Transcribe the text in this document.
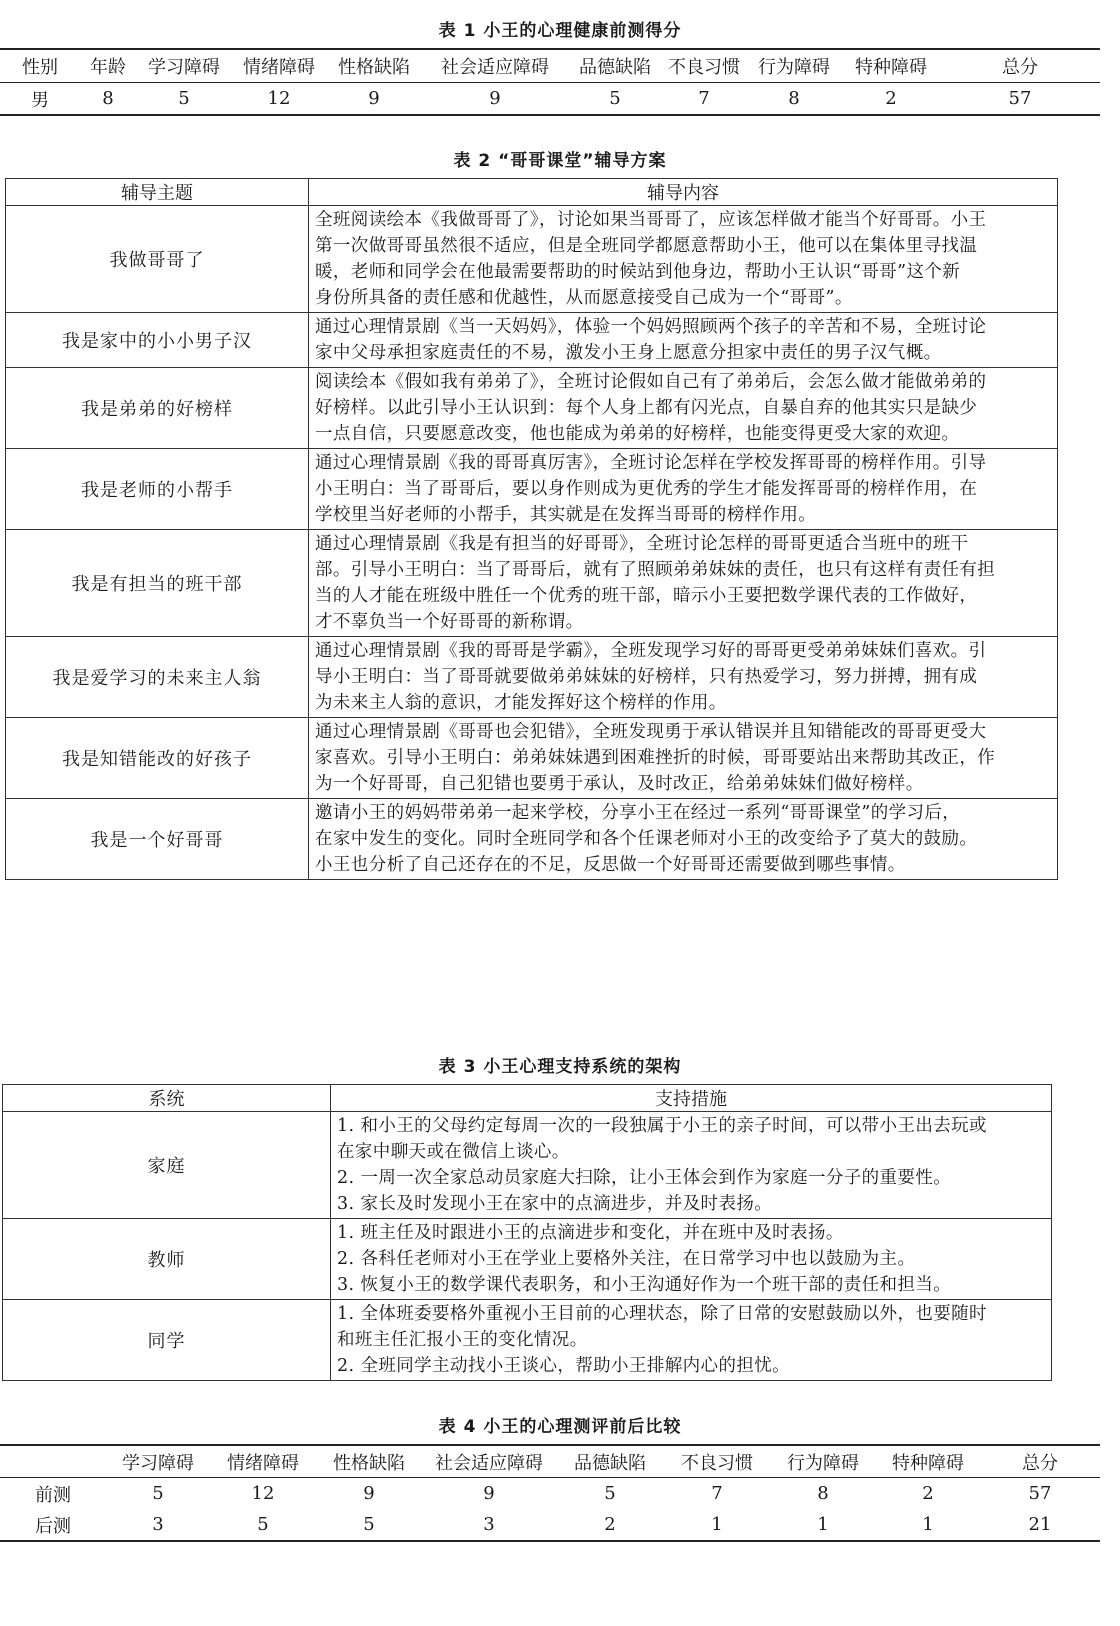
表 1 小王的心理健康前测得分
性别	年龄	学习障碍	情绪障碍	性格缺陷	社会适应障碍	品德缺陷	不良习惯	行为障碍	特种障碍	总分
男	8	5	12	9	9	5	7	8	2	57
表 2 “哥哥课堂”辅导方案
辅导主题	辅导内容
我做哥哥了	全班阅读绘本《我做哥哥了》，讨论如果当哥哥了，应该怎样做才能当个好哥哥。小王
第一次做哥哥虽然很不适应，但是全班同学都愿意帮助小王，他可以在集体里寻找温
暖，老师和同学会在他最需要帮助的时候站到他身边，帮助小王认识“哥哥”这个新
身份所具备的责任感和优越性，从而愿意接受自己成为一个“哥哥”。

我是家中的小小男子汉	通过心理情景剧《当一天妈妈》，体验一个妈妈照顾两个孩子的辛苦和不易，全班讨论
家中父母承担家庭责任的不易，激发小王身上愿意分担家中责任的男子汉气概。

我是弟弟的好榜样	阅读绘本《假如我有弟弟了》，全班讨论假如自己有了弟弟后，会怎么做才能做弟弟的
好榜样。以此引导小王认识到：每个人身上都有闪光点，自暴自弃的他其实只是缺少
一点自信，只要愿意改变，他也能成为弟弟的好榜样，也能变得更受大家的欢迎。

我是老师的小帮手	通过心理情景剧《我的哥哥真厉害》，全班讨论怎样在学校发挥哥哥的榜样作用。引导
小王明白：当了哥哥后，要以身作则成为更优秀的学生才能发挥哥哥的榜样作用，在
学校里当好老师的小帮手，其实就是在发挥当哥哥的榜样作用。

我是有担当的班干部	通过心理情景剧《我是有担当的好哥哥》，全班讨论怎样的哥哥更适合当班中的班干
部。引导小王明白：当了哥哥后，就有了照顾弟弟妹妹的责任，也只有这样有责任有担
当的人才能在班级中胜任一个优秀的班干部，暗示小王要把数学课代表的工作做好，
才不辜负当一个好哥哥的新称谓。

我是爱学习的未来主人翁	通过心理情景剧《我的哥哥是学霸》，全班发现学习好的哥哥更受弟弟妹妹们喜欢。引
导小王明白：当了哥哥就要做弟弟妹妹的好榜样，只有热爱学习，努力拼搏，拥有成
为未来主人翁的意识，才能发挥好这个榜样的作用。

我是知错能改的好孩子	通过心理情景剧《哥哥也会犯错》，全班发现勇于承认错误并且知错能改的哥哥更受大
家喜欢。引导小王明白：弟弟妹妹遇到困难挫折的时候，哥哥要站出来帮助其改正，作
为一个好哥哥，自己犯错也要勇于承认，及时改正，给弟弟妹妹们做好榜样。

我是一个好哥哥	邀请小王的妈妈带弟弟一起来学校，分享小王在经过一系列“哥哥课堂”的学习后，
在家中发生的变化。同时全班同学和各个任课老师对小王的改变给予了莫大的鼓励。
小王也分析了自己还存在的不足，反思做一个好哥哥还需要做到哪些事情。
表 3 小王心理支持系统的架构
系统	支持措施
家庭	1. 和小王的父母约定每周一次的一段独属于小王的亲子时间，可以带小王出去玩或
在家中聊天或在微信上谈心。
2. 一周一次全家总动员家庭大扫除，让小王体会到作为家庭一分子的重要性。
3. 家长及时发现小王在家中的点滴进步，并及时表扬。

教师	1. 班主任及时跟进小王的点滴进步和变化，并在班中及时表扬。
2. 各科任老师对小王在学业上要格外关注，在日常学习中也以鼓励为主。
3. 恢复小王的数学课代表职务，和小王沟通好作为一个班干部的责任和担当。

同学	1. 全体班委要格外重视小王目前的心理状态，除了日常的安慰鼓励以外，也要随时
和班主任汇报小王的变化情况。
2. 全班同学主动找小王谈心，帮助小王排解内心的担忧。
表 4 小王的心理测评前后比较
	学习障碍	情绪障碍	性格缺陷	社会适应障碍	品德缺陷	不良习惯	行为障碍	特种障碍	总分
前测	5	12	9	9	5	7	8	2	57
后测	3	5	5	3	2	1	1	1	21
